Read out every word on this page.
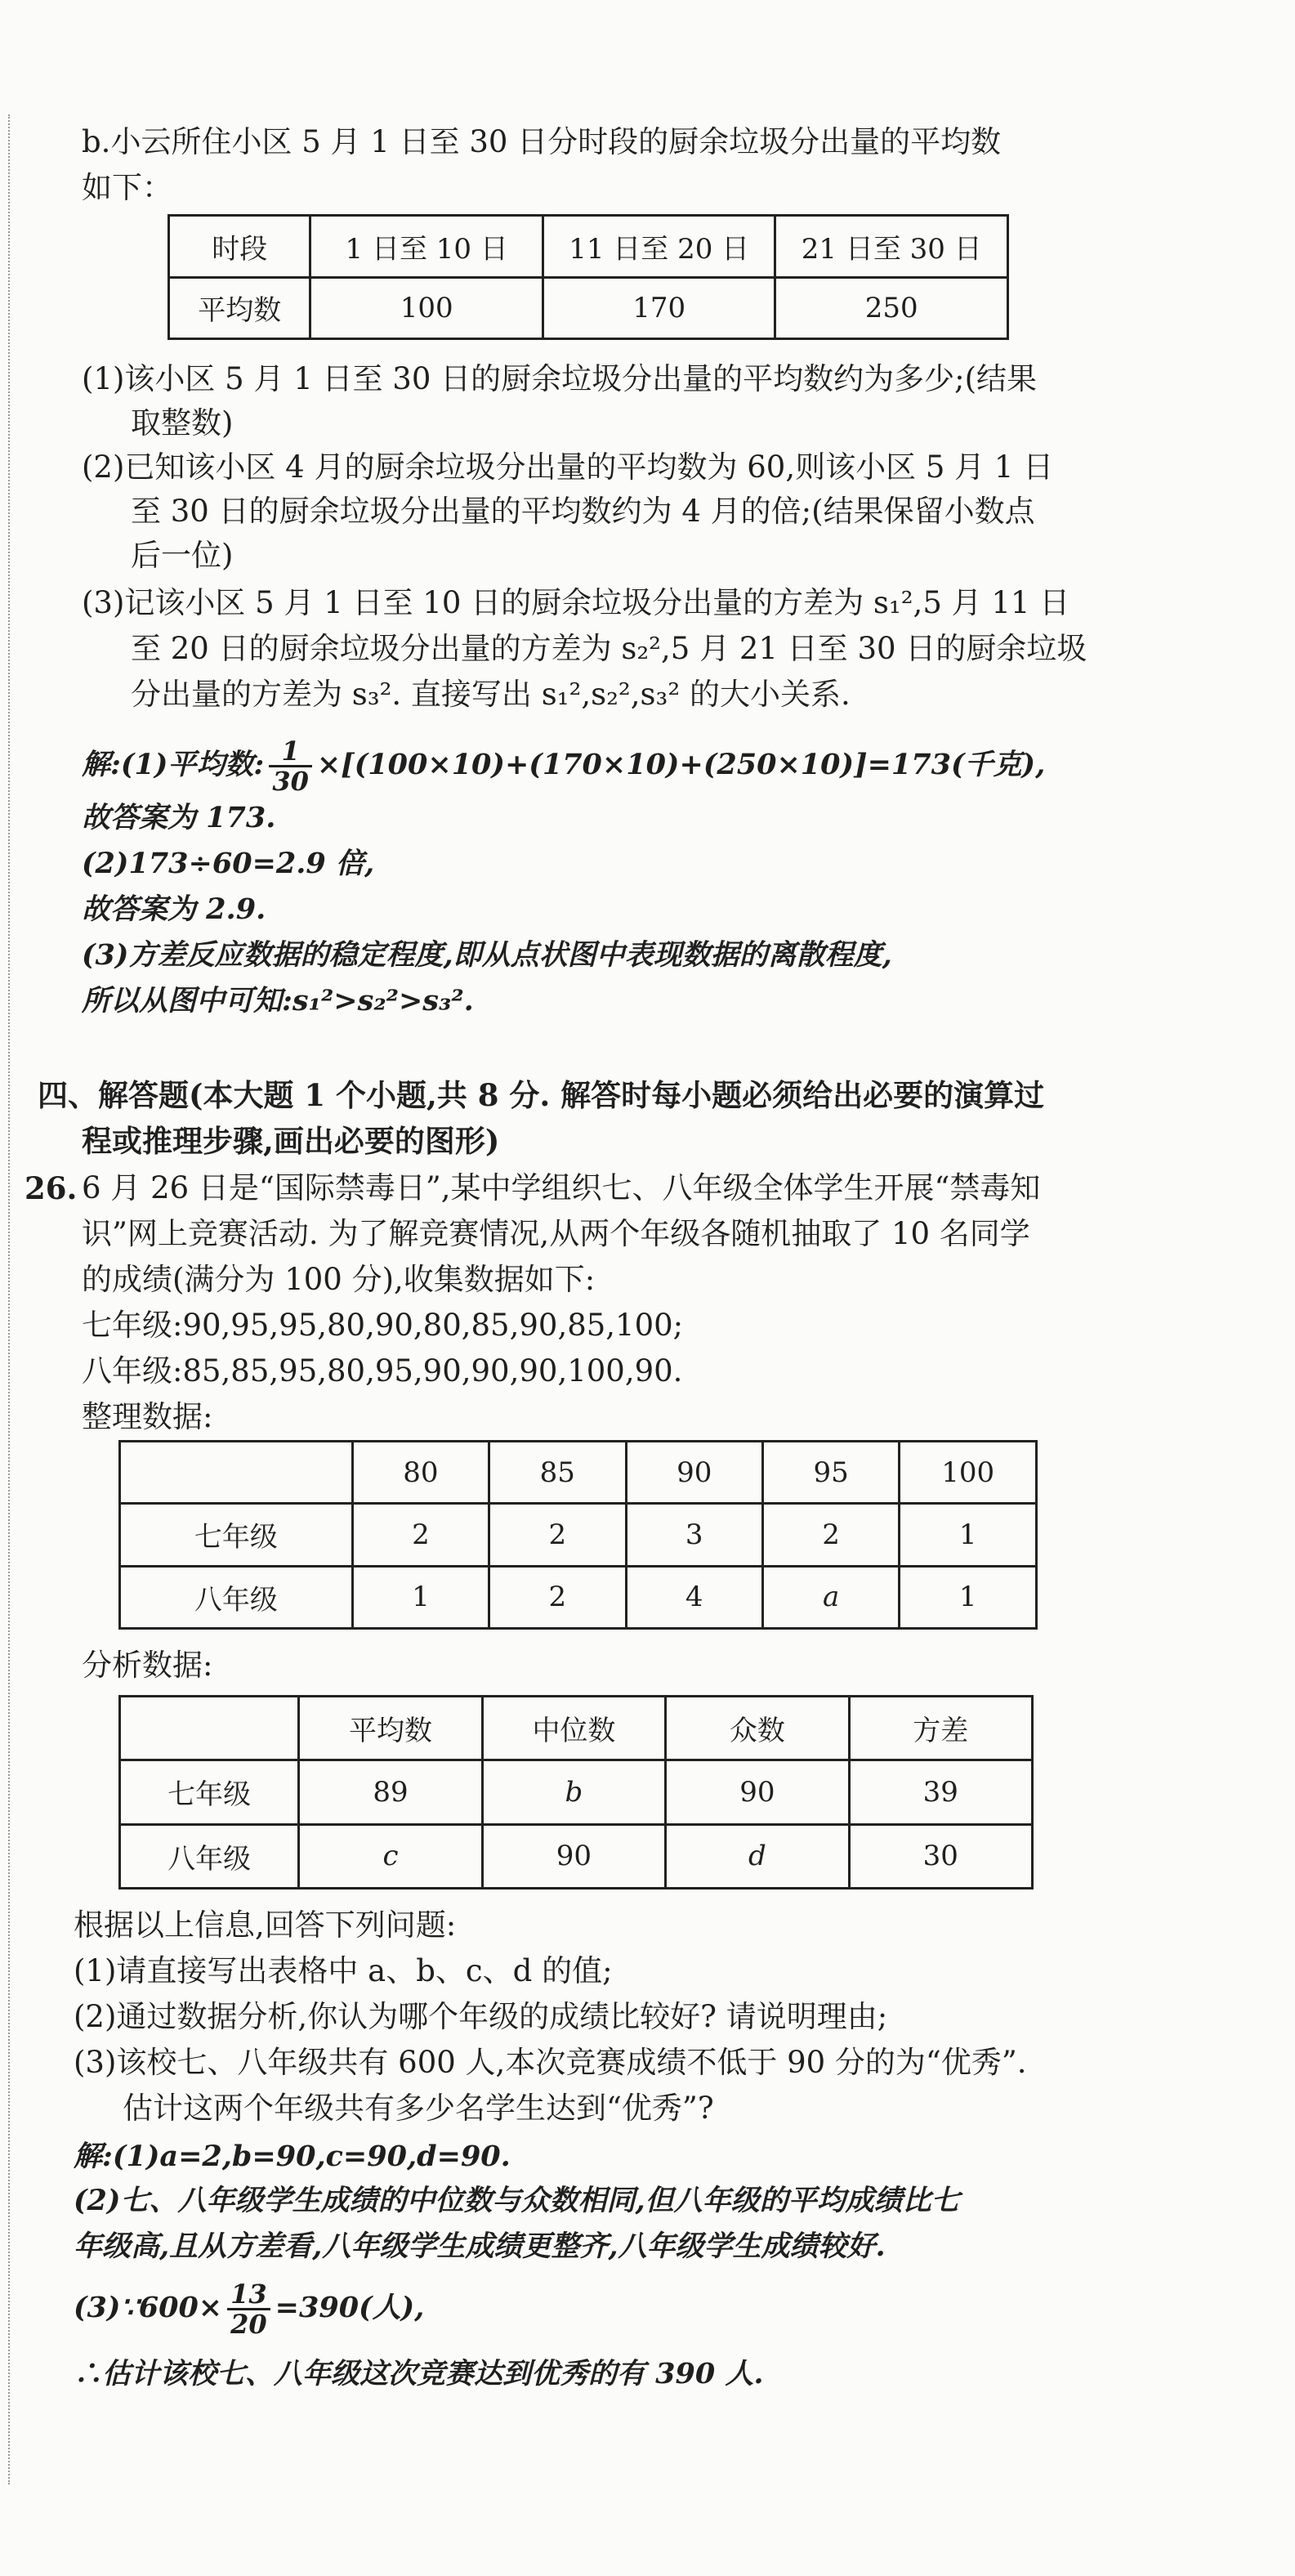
b.小云所住小区 5 月 1 日至 30 日分时段的厨余垃圾分出量的平均数
如下：
时段	1 日至 10 日	11 日至 20 日	21 日至 30 日
平均数	100	170	250
(1)该小区 5 月 1 日至 30 日的厨余垃圾分出量的平均数约为多少;(结果
取整数)
(2)已知该小区 4 月的厨余垃圾分出量的平均数为 60,则该小区 5 月 1 日
至 30 日的厨余垃圾分出量的平均数约为 4 月的倍;(结果保留小数点
后一位)
(3)记该小区 5 月 1 日至 10 日的厨余垃圾分出量的方差为 s₁²,5 月 11 日
至 20 日的厨余垃圾分出量的方差为 s₂²,5 月 21 日至 30 日的厨余垃圾
分出量的方差为 s₃². 直接写出 s₁²,s₂²,s₃² 的大小关系.
解:(1)平均数: $\frac{1}{30} \times[(100\times 10)+(170\times 10)+(250\times 10)]=173$(千克),
故答案为 173.
(2)173÷60=2.9 倍,
故答案为 2.9.
(3)方差反应数据的稳定程度,即从点状图中表现数据的离散程度,
所以从图中可知:s₁²>s₂²>s₃².
四、解答题(本大题 1 个小题,共 8 分. 解答时每小题必须给出必要的演算过
程或推理步骤,画出必要的图形)
26. 6 月 26 日是“国际禁毒日”,某中学组织七、八年级全体学生开展“禁毒知
识”网上竞赛活动. 为了解竞赛情况,从两个年级各随机抽取了 10 名同学
的成绩(满分为 100 分),收集数据如下:
七年级:90,95,95,80,90,80,85,90,85,100;
八年级:85,85,95,80,95,90,90,90,100,90.
整理数据:
	80	85	90	95	100
七年级	2	2	3	2	1
八年级	1	2	4	a	1
分析数据:
	平均数	中位数	众数	方差
七年级	89	b	90	39
八年级	c	90	d	30
根据以上信息,回答下列问题:
(1)请直接写出表格中 a、b、c、d 的值;
(2)通过数据分析,你认为哪个年级的成绩比较好? 请说明理由;
(3)该校七、八年级共有 600 人,本次竞赛成绩不低于 90 分的为“优秀”.
估计这两个年级共有多少名学生达到“优秀”?
解:(1)a=2,b=90,c=90,d=90.
(2)七、八年级学生成绩的中位数与众数相同,但八年级的平均成绩比七
年级高,且从方差看,八年级学生成绩更整齐,八年级学生成绩较好.
(3)∵600× $\frac{13}{20} =390$(人),
∴估计该校七、八年级这次竞赛达到优秀的有 390 人.
